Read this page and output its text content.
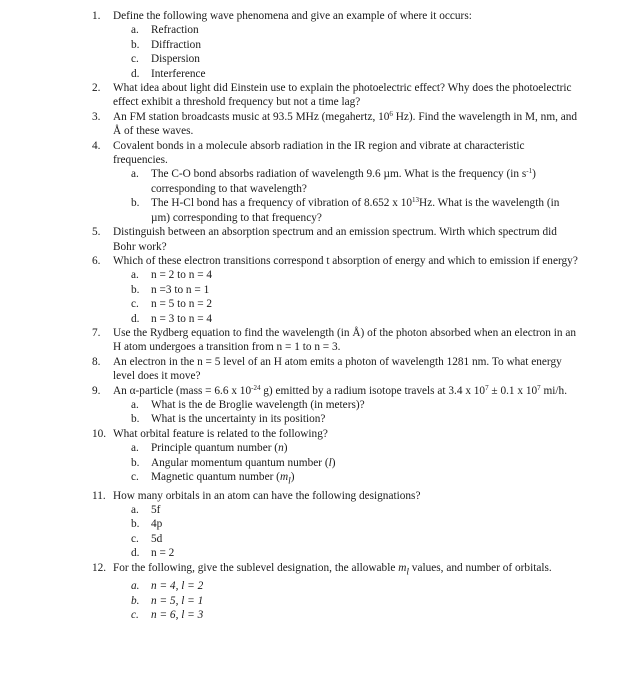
1.	Define the following wave phenomena and give an example of where it occurs:
a.	Refraction
b.	Diffraction
c.	Dispersion
d.	Interference
2.	What idea about light did Einstein use to explain the photoelectric effect? Why does the photoelectric effect exhibit a threshold frequency but not a time lag?
3.	An FM station broadcasts music at 93.5 MHz (megahertz, $10^6$ Hz). Find the wavelength in M, nm, and Å of these waves.
4.	Covalent bonds in a molecule absorb radiation in the IR region and vibrate at characteristic frequencies.
a.	The C-O bond absorbs radiation of wavelength 9.6 µm. What is the frequency (in $s^{-1}$) corresponding to that wavelength?
b.	The H-Cl bond has a frequency of vibration of 8.652 x $10^{13}Hz$. What is the wavelength (in µm) corresponding to that frequency?
5.	Distinguish between an absorption spectrum and an emission spectrum. Wirth which spectrum did Bohr work?
6.	Which of these electron transitions correspond t absorption of energy and which to emission if energy?
a.	n = 2 to n = 4
b.	n =3 to n = 1
c.	n = 5 to n = 2
d.	n = 3 to n = 4
7.	Use the Rydberg equation to find the wavelength (in Å) of the photon absorbed when an electron in an H atom undergoes a transition from n = 1 to n = 3.
8.	An electron in the n = 5 level of an H atom emits a photon of wavelength 1281 nm. To what energy level does it move?
9.	An α-particle (mass = 6.6 x $10^{-24}$ g) emitted by a radium isotope travels at 3.4 x $10^7 \pm 0.1$ x $10^7$ mi/h.
a.	What is the de Broglie wavelength (in meters)?
b.	What is the uncertainty in its position?
10. What orbital feature is related to the following?
a.	Principle quantum number (n)
b.	Angular momentum quantum number (l)
c.	Magnetic quantum number $(m_l)$
11. How many orbitals in an atom can have the following designations?
a.	5f
b.	4p
c.	5d
d.	n = 2
12. For the following, give the sublevel designation, the allowable $m_l$ values, and number of orbitals.
a.	n = 4, l = 2
b.	n = 5, l = 1
c.	n = 6, l = 3
